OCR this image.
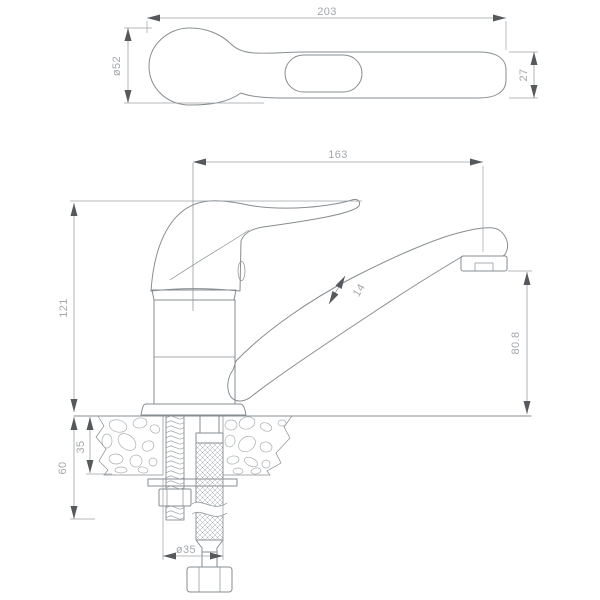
203
ø52	27
163
121
14
80.8
35
60
ø35
